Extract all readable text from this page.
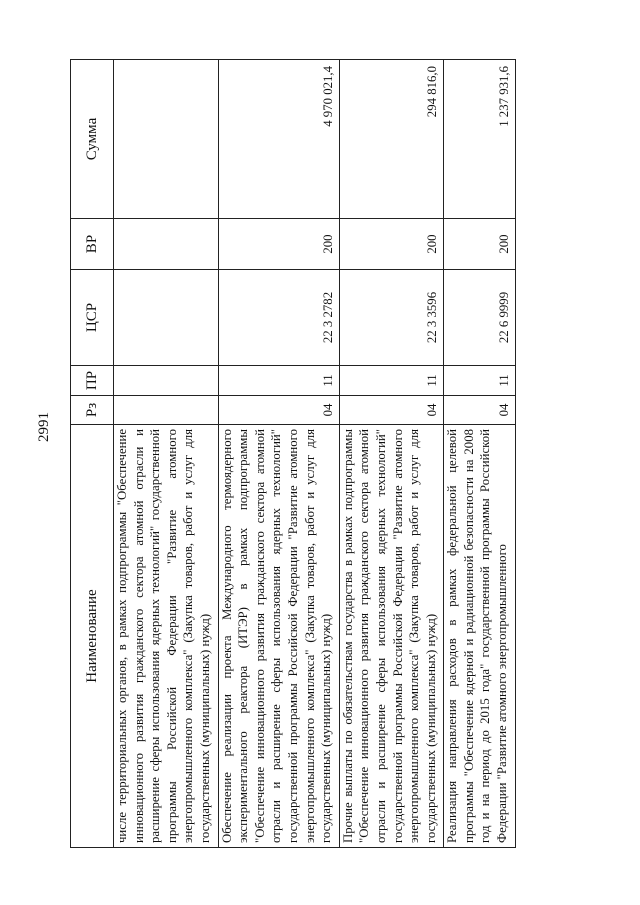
2991
Наименование	Рз	ПР	ЦСР	ВР	Сумма
числе территориальных органов, в рамках подпрограммы "Обеспечение инновационного развития гражданского сектора атомной отрасли и расширение сферы использования ядерных технологий" государственной программы Российской Федерации "Развитие атомного энергопромышленного комплекса" (Закупка товаров, работ и услуг для государственных (муниципальных) нужд)					
Обеспечение реализации проекта Международного термоядерного экспериментального реактора (ИТЭР) в рамках подпрограммы "Обеспечение инновационного развития гражданского сектора атомной отрасли и расширение сферы использования ядерных технологий" государственной программы Российской Федерации "Развитие атомного энергопромышленного комплекса" (Закупка товаров, работ и услуг для государственных (муниципальных) нужд)	04	11	22 3 2782	200	4 970 021,4
Прочие выплаты по обязательствам государства в рамках подпрограммы "Обеспечение инновационного развития гражданского сектора атомной отрасли и расширение сферы использования ядерных технологий" государственной программы Российской Федерации "Развитие атомного энергопромышленного комплекса" (Закупка товаров, работ и услуг для государственных (муниципальных) нужд)	04	11	22 3 3596	200	294 816,0
Реализация направления расходов в рамках федеральной целевой программы "Обеспечение ядерной и радиационной безопасности на 2008 год и на период до 2015 года" государственной программы Российской Федерации "Развитие атомного энергопромышленного	04	11	22 6 9999	200	1 237 931,6
